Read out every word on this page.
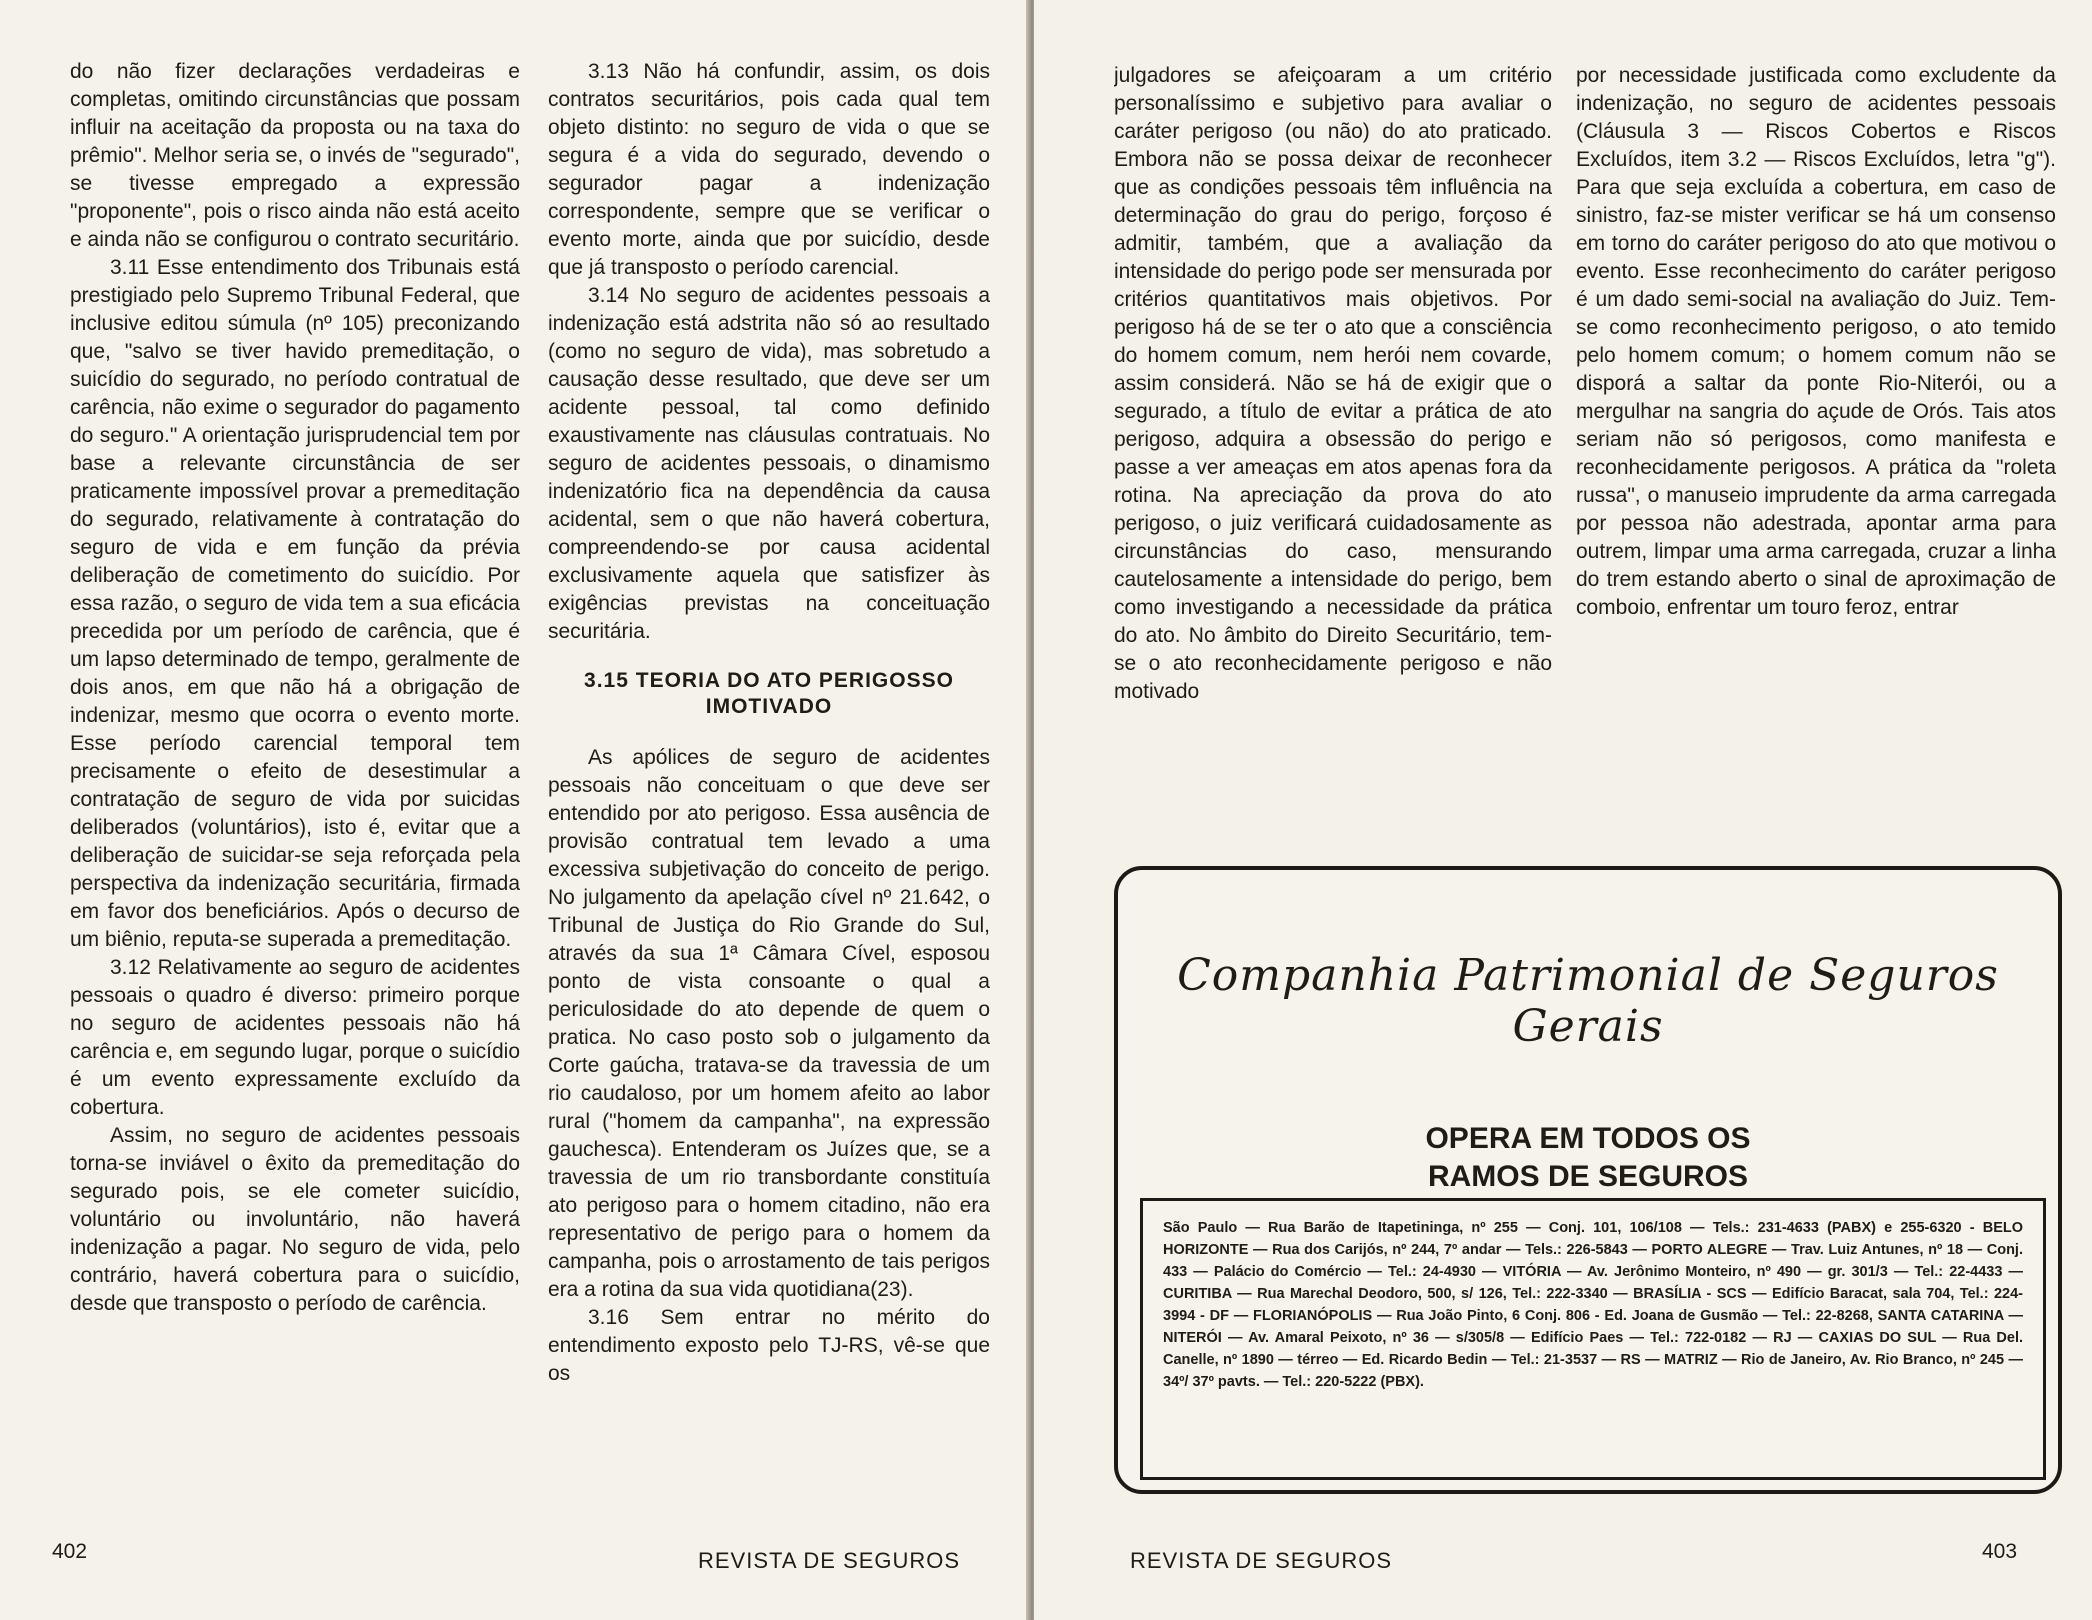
do não fizer declarações verdadeiras e completas, omitindo circunstâncias que possam influir na aceitação da proposta ou na taxa do prêmio". Melhor seria se, o invés de "segurado", se tivesse empregado a expressão "proponente", pois o risco ainda não está aceito e ainda não se configurou o contrato securitário.

3.11 Esse entendimento dos Tribunais está prestigiado pelo Supremo Tribunal Federal, que inclusive editou súmula (nº 105) preconizando que, "salvo se tiver havido premeditação, o suicídio do segurado, no período contratual de carência, não exime o segurador do pagamento do seguro." A orientação jurisprudencial tem por base a relevante circunstância de ser praticamente impossível provar a premeditação do segurado, relativamente à contratação do seguro de vida e em função da prévia deliberação de cometimento do suicídio. Por essa razão, o seguro de vida tem a sua eficácia precedida por um período de carência, que é um lapso determinado de tempo, geralmente de dois anos, em que não há a obrigação de indenizar, mesmo que ocorra o evento morte. Esse período carencial temporal tem precisamente o efeito de desestimular a contratação de seguro de vida por suicidas deliberados (voluntários), isto é, evitar que a deliberação de suicidar-se seja reforçada pela perspectiva da indenização securitária, firmada em favor dos beneficiários. Após o decurso de um biênio, reputa-se superada a premeditação.

3.12 Relativamente ao seguro de acidentes pessoais o quadro é diverso: primeiro porque no seguro de acidentes pessoais não há carência e, em segundo lugar, porque o suicídio é um evento expressamente excluído da cobertura.

Assim, no seguro de acidentes pessoais torna-se inviável o êxito da premeditação do segurado pois, se ele cometer suicídio, voluntário ou involuntário, não haverá indenização a pagar. No seguro de vida, pelo contrário, haverá cobertura para o suicídio, desde que transposto o período de carência.

3.13 Não há confundir, assim, os dois contratos securitários, pois cada qual tem objeto distinto: no seguro de vida o que se segura é a vida do segurado, devendo o segurador pagar a indenização correspondente, sempre que se verificar o evento morte, ainda que por suicídio, desde que já transposto o período carencial.

3.14 No seguro de acidentes pessoais a indenização está adstrita não só ao resultado (como no seguro de vida), mas sobretudo a causação desse resultado, que deve ser um acidente pessoal, tal como definido exaustivamente nas cláusulas contratuais. No seguro de acidentes pessoais, o dinamismo indenizatório fica na dependência da causa acidental, sem o que não haverá cobertura, compreendendo-se por causa acidental exclusivamente aquela que satisfizer às exigências previstas na conceituação securitária.

3.15 TEORIA DO ATO PERIGOSSO IMOTIVADO

As apólices de seguro de acidentes pessoais não conceituam o que deve ser entendido por ato perigoso. Essa ausência de provisão contratual tem levado a uma excessiva subjetivação do conceito de perigo. No julgamento da apelação cível nº 21.642, o Tribunal de Justiça do Rio Grande do Sul, através da sua 1ª Câmara Cível, esposou ponto de vista consoante o qual a periculosidade do ato depende de quem o pratica. No caso posto sob o julgamento da Corte gaúcha, tratava-se da travessia de um rio caudaloso, por um homem afeito ao labor rural ("homem da campanha", na expressão gauchesca). Entenderam os Juízes que, se a travessia de um rio transbordante constituía ato perigoso para o homem citadino, não era representativo de perigo para o homem da campanha, pois o arrostamento de tais perigos era a rotina da sua vida quotidiana(23).

3.16 Sem entrar no mérito do entendimento exposto pelo TJ-RS, vê-se que os

402	REVISTA DE SEGUROS

julgadores se afeiçoaram a um critério personalíssimo e subjetivo para avaliar o caráter perigoso (ou não) do ato praticado. Embora não se possa deixar de reconhecer que as condições pessoais têm influência na determinação do grau do perigo, forçoso é admitir, também, que a avaliação da intensidade do perigo pode ser mensurada por critérios quantitativos mais objetivos. Por perigoso há de se ter o ato que a consciência do homem comum, nem herói nem covarde, assim considerá. Não se há de exigir que o segurado, a título de evitar a prática de ato perigoso, adquira a obsessão do perigo e passe a ver ameaças em atos apenas fora da rotina. Na apreciação da prova do ato perigoso, o juiz verificará cuidadosamente as circunstâncias do caso, mensurando cautelosamente a intensidade do perigo, bem como investigando a necessidade da prática do ato. No âmbito do Direito Securitário, tem-se o ato reconhecidamente perigoso e não motivado

por necessidade justificada como excludente da indenização, no seguro de acidentes pessoais (Cláusula 3 — Riscos Cobertos e Riscos Excluídos, item 3.2 — Riscos Excluídos, letra "g"). Para que seja excluída a cobertura, em caso de sinistro, faz-se mister verificar se há um consenso em torno do caráter perigoso do ato que motivou o evento. Esse reconhecimento do caráter perigoso é um dado semi-social na avaliação do Juiz. Tem-se como reconhecimento perigoso, o ato temido pelo homem comum; o homem comum não se disporá a saltar da ponte Rio-Niterói, ou a mergulhar na sangria do açude de Orós. Tais atos seriam não só perigosos, como manifesta e reconhecidamente perigosos. A prática da "roleta russa", o manuseio imprudente da arma carregada por pessoa não adestrada, apontar arma para outrem, limpar uma arma carregada, cruzar a linha do trem estando aberto o sinal de aproximação de comboio, enfrentar um touro feroz, entrar

Companhia Patrimonial de Seguros Gerais
OPERA EM TODOS OS
RAMOS DE SEGUROS
São Paulo — Rua Barão de Itapetininga, nº 255 — Conj. 101, 106/108 — Tels.: 231-4633 (PABX) e 255-6320 - BELO HORIZONTE — Rua dos Carijós, nº 244, 7º andar — Tels.: 226-5843 — PORTO ALEGRE — Trav. Luiz Antunes, nº 18 — Conj. 433 — Palácio do Comércio — Tel.: 24-4930 — VITÓRIA — Av. Jerônimo Monteiro, nº 490 — gr. 301/3 — Tel.: 22-4433 — CURITIBA — Rua Marechal Deodoro, 500, s/ 126, Tel.: 222-3340 — BRASÍLIA - SCS — Edifício Baracat, sala 704, Tel.: 224-3994 - DF — FLORIANÓPOLIS — Rua João Pinto, 6 Conj. 806 - Ed. Joana de Gusmão — Tel.: 22-8268, SANTA CATARINA — NITERÓI — Av. Amaral Peixoto, nº 36 — s/305/8 — Edifício Paes — Tel.: 722-0182 — RJ — CAXIAS DO SUL — Rua Del. Canelle, nº 1890 — térreo — Ed. Ricardo Bedin — Tel.: 21-3537 — RS — MATRIZ — Rio de Janeiro, Av. Rio Branco, nº 245 — 34º/ 37º pavts. — Tel.: 220-5222 (PBX).
REVISTA DE SEGUROS	403
